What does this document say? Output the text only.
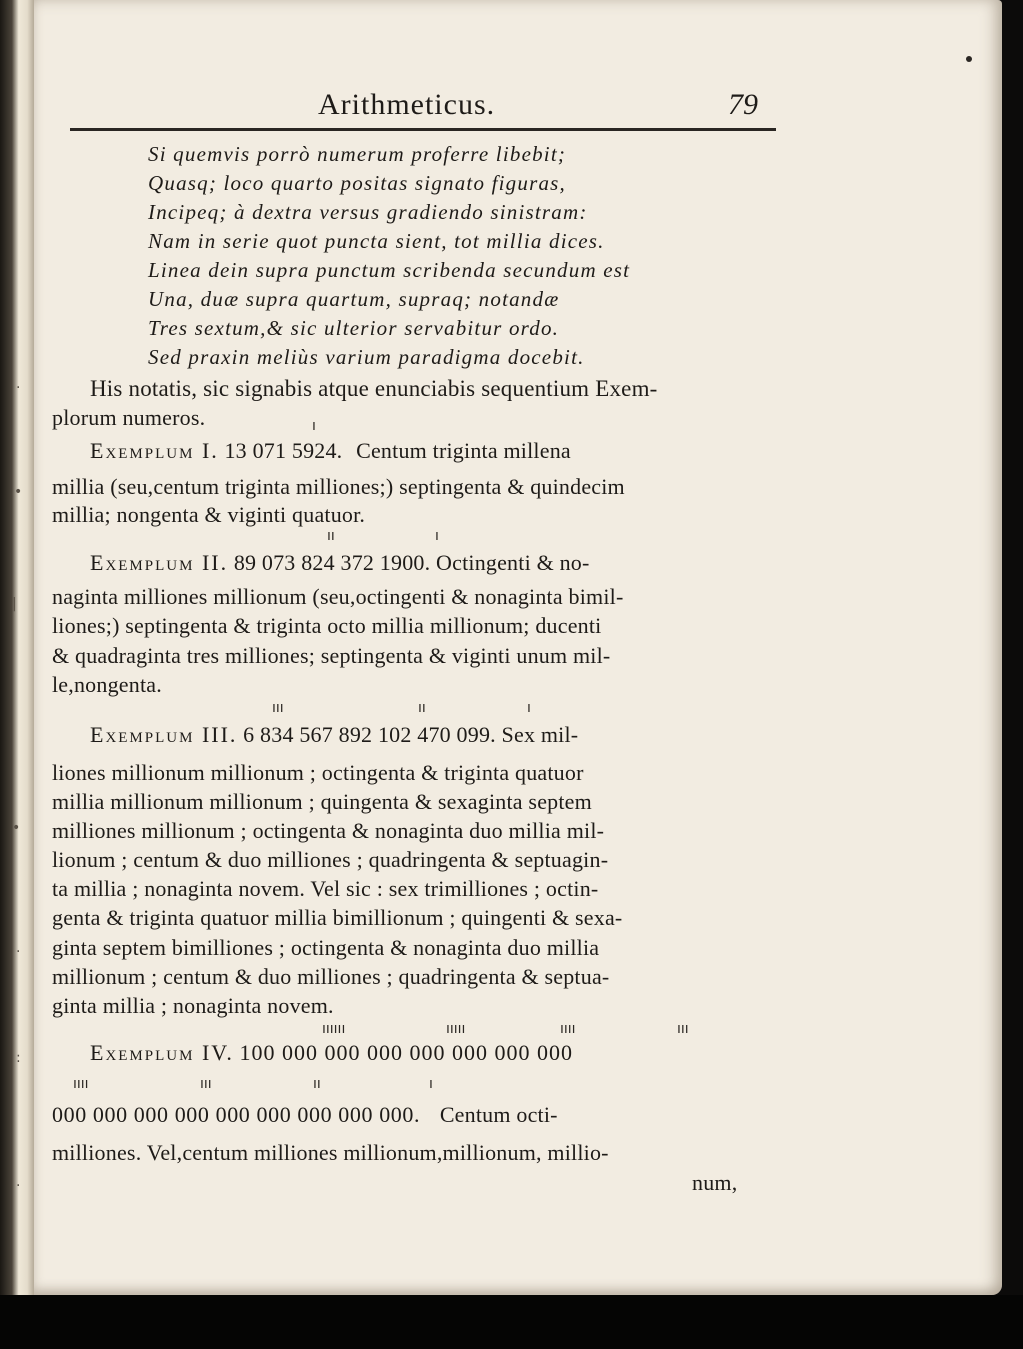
·
•
|
•
·
:
·
Arithmeticus.	79
Si quemvis porrò numerum proferre libebit;
Quasq; loco quarto positas signato figuras,
Incipeq; à dextra versus gradiendo sinistram:
Nam in serie quot puncta sient, tot millia dices.
Linea dein supra punctum scribenda secundum est
Una, duæ supra quartum, supraq; notandæ
Tres sextum,& sic ulterior servabitur ordo.
Sed praxin meliùs varium paradigma docebit.
His notatis, sic signabis atque enunciabis sequentium Exem-
plorum numeros.	ı
Exemplum I. 13 071 5924. Centum triginta millena
millia (seu,centum triginta milliones;) septingenta & quindecim
millia; nongenta & viginti quatuor.
ıı	ı
Exemplum II. 89 073 824 372 1900. Octingenti & no-
naginta milliones millionum (seu,octingenti & nonaginta bimil-
liones;) septingenta & triginta octo millia millionum; ducenti
& quadraginta tres milliones; septingenta & viginti unum mil-
le,nongenta.
ııı	ıı	ı
Exemplum III. 6 834 567 892 102 470 099. Sex mil-
liones millionum millionum ; octingenta & triginta quatuor
millia millionum millionum ; quingenta & sexaginta septem
milliones millionum ; octingenta & nonaginta duo millia mil-
lionum ; centum & duo milliones ; quadringenta & septuagin-
ta millia ; nonaginta novem. Vel sic : sex trimilliones ; octin-
genta & triginta quatuor millia bimillionum ; quingenti & sexa-
ginta septem bimilliones ; octingenta & nonaginta duo millia
millionum ; centum & duo milliones ; quadringenta & septua-
ginta millia ; nonaginta novem.
ıııııı	ııııı	ıııı	ııı
Exemplum IV. 100 000 000 000 000 000 000 000
ıııı	ııı	ıı	ı
000 000 000 000 000 000 000 000 000. Centum octi-
milliones. Vel,centum milliones millionum,millionum, millio-
num,
